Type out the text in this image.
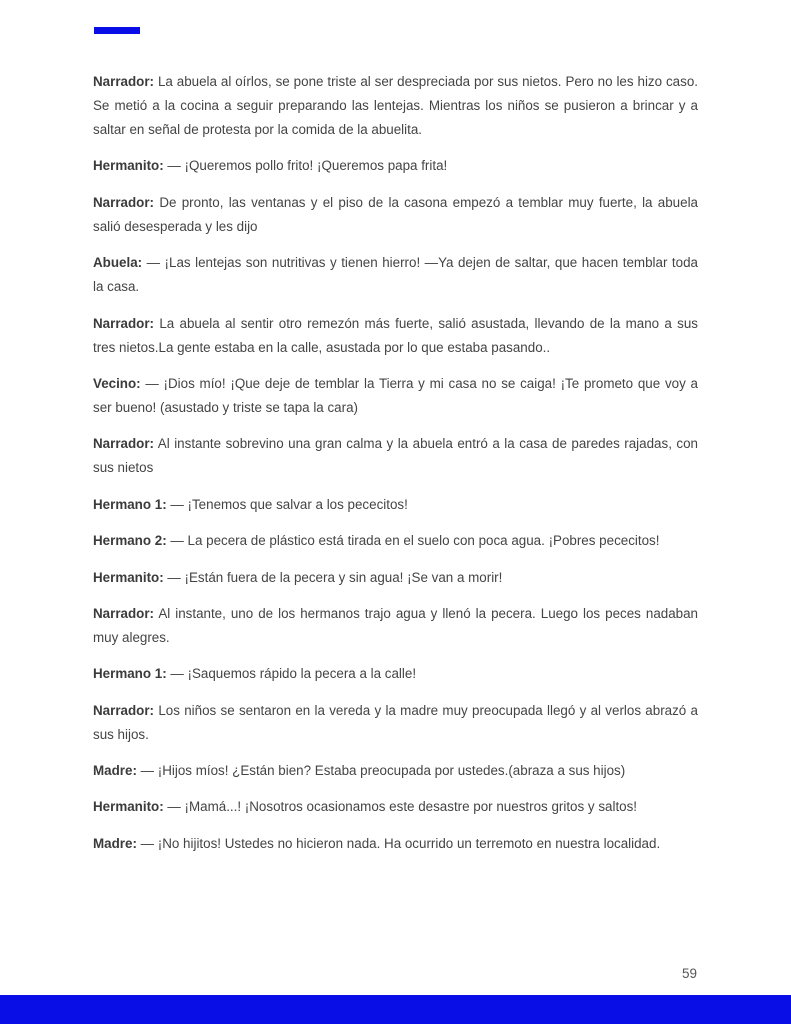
Narrador: La abuela al oírlos, se pone triste al ser despreciada por sus nietos. Pero no les hizo caso. Se metió a la cocina a seguir preparando las lentejas. Mientras los niños se pusieron a brincar y a saltar en señal de protesta por la comida de la abuelita.

Hermanito: — ¡Queremos pollo frito! ¡Queremos papa frita!

Narrador: De pronto, las ventanas y el piso de la casona empezó a temblar muy fuerte, la abuela salió desesperada y les dijo

Abuela: — ¡Las lentejas son nutritivas y tienen hierro! —Ya dejen de saltar, que hacen temblar toda la casa.

Narrador: La abuela al sentir otro remezón más fuerte, salió asustada, llevando de la mano a sus tres nietos.La gente estaba en la calle, asustada por lo que estaba pasando..

Vecino: — ¡Dios mío! ¡Que deje de temblar la Tierra y mi casa no se caiga! ¡Te prometo que voy a ser bueno! (asustado y triste se tapa la cara)

Narrador: Al instante sobrevino una gran calma y la abuela entró a la casa de paredes rajadas, con sus nietos

Hermano 1: — ¡Tenemos que salvar a los pececitos!

Hermano 2: — La pecera de plástico está tirada en el suelo con poca agua. ¡Pobres pececitos!

Hermanito: — ¡Están fuera de la pecera y sin agua! ¡Se van a morir!

Narrador: Al instante, uno de los hermanos trajo agua y llenó la pecera. Luego los peces nadaban muy alegres.

Hermano 1: — ¡Saquemos rápido la pecera a la calle!

Narrador: Los niños se sentaron en la vereda y la madre muy preocupada llegó y al verlos abrazó a sus hijos.

Madre: — ¡Hijos míos! ¿Están bien? Estaba preocupada por ustedes.(abraza a sus hijos)

Hermanito: — ¡Mamá...! ¡Nosotros ocasionamos este desastre por nuestros gritos y saltos!

Madre: — ¡No hijitos! Ustedes no hicieron nada. Ha ocurrido un terremoto en nuestra localidad.

59
